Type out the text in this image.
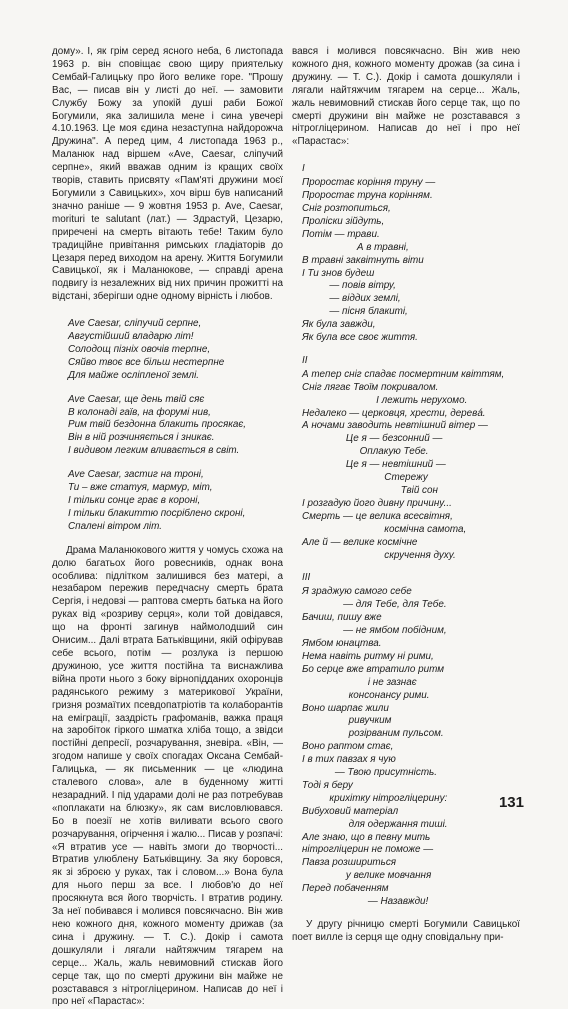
дому». І, як грім серед ясного неба, 6 листопада 1963 р. він сповіщає свою щиру приятельку Сембай-Галицьку про його велике горе. "Прошу Вас, — писав він у листі до неї. — замовити Службу Божу за упокій душі раби Божої Богумили, яка залишила мене і сина увечері 4.10.1963. Це моя єдина незаступна найдорожча Дружина". А перед цим, 4 листопада 1963 р., Маланюк над віршем «Ave, Caesar, сліпучий серпне», який вважав одним із кращих своїх творів, ставить присвяту «Пам'яті дружини моєї Богумили з Савицьких», хоч вірш був написаний значно раніше — 9 жовтня 1953 р. Ave, Caesar, morituri te salutant (лат.) — Здрастуй, Цезарю, приречені на смерть вітають тебе! Таким було традиційне привітання римських гладіаторів до Цезаря перед виходом на арену. Життя Богумили Савицької, як і Маланюкове, — справді арена подвигу із незалежних від них причин прожитті на відстані, зберігши одне одному вірність і любов.

Ave Caesar, сліпучий серпне,
Августійший владарю літ!
Солодощ пізніх овочів терпне,
Сяйво твоє все більш нестерпне
Для майже осліпленої землі.
Ave Caesar, ще день твій сяє
В колонаді гаїв, на форумі нив,
Рим твій бездонна блакить просякає,
Він в ній розчиняється і зникає.
І видивом легким вливається в світ.
Ave Caesar, застиг на троні,
Ти – вже статуя, мармур, міт,
І тільки сонце грає в короні,
І тільки блакиттю посріблено скроні,
Спалені вітром літ.

Драма Маланюкового життя у чомусь схожа на долю багатьох його ровесників, однак вона особлива: підлітком залишився без матері, а незабаром пережив передчасну смерть брата Сергія, і недовзі — раптова смерть батька на його руках від «розриву серця», коли той довідався, що на фронті загинув наймолодший син Онисим... Далі втрата Батьківщини, якій офірував себе всього, потім — розлука із першою дружиною, усе життя постійна та виснажлива війна проти нього з боку вірнопідданих охоронців радянського режиму з материкової України, гризня розмаїтих псевдопатріотів та колаборантів на еміграції, заздрість графоманів, важка праця на заробіток гіркого шматка хліба тощо, а звідси постійні депресії, розчарування, зневіра. «Він, — згодом напише у своїх спогадах Оксана Сембай-Галицька, — як письменник — це «людина сталевого слова», але в буденному житті незарадний. І під ударами долі не раз потребував «поплакати на блюзку», як сам висловлювався. Бо в поезії не хотів виливати всього свого розчарування, огірчення і жалю... Писав у розпачі: «Я втратив усе — навіть змоги до творчості... Втратив улюблену Батьківщину. За яку боровся, як зі зброєю у руках, так і словом...» Вона була для нього перш за все. І любов'ю до неї просякнута вся його творчість. І втратив родину. За неї побивався і молився повсякчасно. Він жив нею кожного дня, кожного моменту дрижав (за сина і дружину. — Т. С.). Докір і самота дошкуляли і лягали найтяжчим тягарем на серце... Жаль, жаль невимовний стискав його серце так, що по смерті дружини він майже не розставався з нітрогліцерином. Написав до неї і про неї «Парастас»:

вався і молився повсякчасно. Він жив нею кожного дня, кожного моменту дрожав (за сина і дружину. — Т. С.). Докір і самота дошкуляли і лягали найтяжчим тягарем на серце... Жаль, жаль невимовний стискав його серце так, що по смерті дружини він майже не розставався з нітрогліцерином. Написав до неї і про неї «Парастас»:

І
Проростає коріння труну —
Проростає труна корінням.
Сніг розтопиться,
Проліски зійдуть,
Потім — трави.
А в травні,
В травні заквітнуть віти
І Ти знов будеш
— повів вітру,
— віддих землі,
— пісня блакиті,
Як була завжди,
Як була все своє життя.
ІІ
А тепер сніг спадає посмертним квіттям,
Сніг лягає Твоїм покривалом.
І лежить нерухомо.
Недалеко — церковця, хрести, деревá.
А ночами заводить невтішний вітер —
Це я — безсонний —
Оплакую Тебе.
Це я — невтішний —
Стережу
Твій сон
І розгадую його дивну причину...
Смерть — це велика всесвітня,
космічна самота,
Алe й — велике космічне
скручення духу.
ІІІ
Я зраджую самого себе
— для Тебе, для Тебе.
Бачиш, пишу вже
— не ямбом побідним,
Ямбом юнацтва.
Нема навіть ритму ні рими,
Бо серце вже втратило ритм
і не зазнає
консонансу рими.
Воно шарпає жили
ривучким
розірваним пульсом.
Воно раптом стає,
І в тих павзах я чую
— Твою присутність.
Тоді я беру
крихітку нітрогліцерину:
Вибуховий матеріал
для одержання тиші.
Але знаю, що в певну мить
нітрогліцерин не поможе —
Павза розшириться
у велике мовчання
Перед побаченням
— Назавжди!

У другу річницю смерті Богумили Савицької поет вилле із серця ще одну сповідальну при-

131
